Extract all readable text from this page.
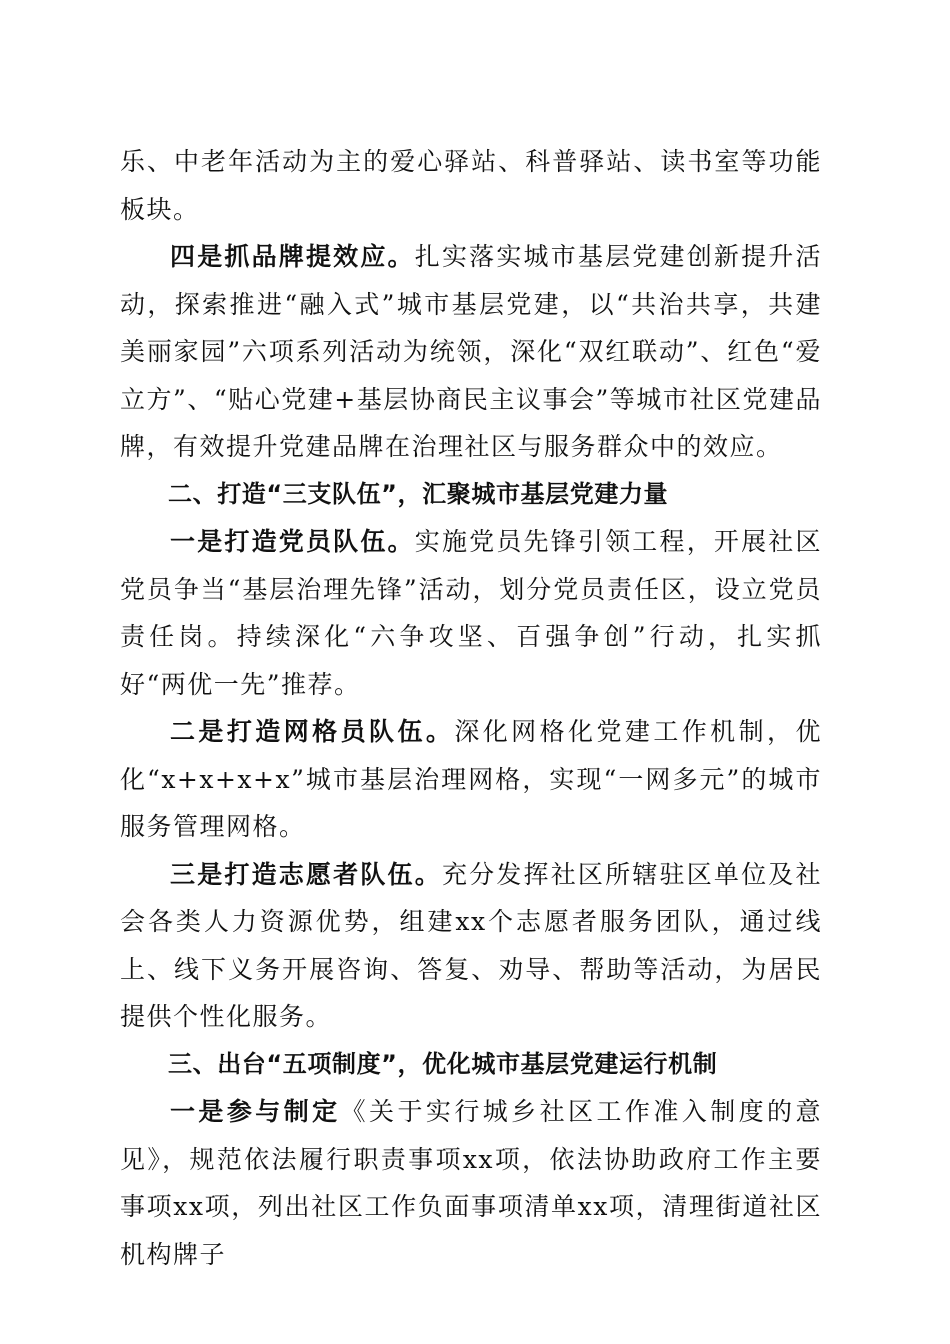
乐、中老年活动为主的爱心驿站、科普驿站、读书室等功能板块。

四是抓品牌提效应。扎实落实城市基层党建创新提升活动，探索推进“融入式”城市基层党建，以“共治共享，共建美丽家园”六项系列活动为统领，深化“双红联动”、红色“爱立方”、“贴心党建+基层协商民主议事会”等城市社区党建品牌，有效提升党建品牌在治理社区与服务群众中的效应。

二、打造“三支队伍”，汇聚城市基层党建力量

一是打造党员队伍。实施党员先锋引领工程，开展社区党员争当“基层治理先锋”活动，划分党员责任区，设立党员责任岗。持续深化“六争攻坚、百强争创”行动，扎实抓好“两优一先”推荐。

二是打造网格员队伍。深化网格化党建工作机制，优化“x+x+x+x”城市基层治理网格，实现“一网多元”的城市服务管理网格。

三是打造志愿者队伍。充分发挥社区所辖驻区单位及社会各类人力资源优势，组建xx个志愿者服务团队，通过线上、线下义务开展咨询、答复、劝导、帮助等活动，为居民提供个性化服务。

三、出台“五项制度”，优化城市基层党建运行机制

一是参与制定《关于实行城乡社区工作准入制度的意见》，规范依法履行职责事项xx项，依法协助政府工作主要事项xx项，列出社区工作负面事项清单xx项，清理街道社区机构牌子
